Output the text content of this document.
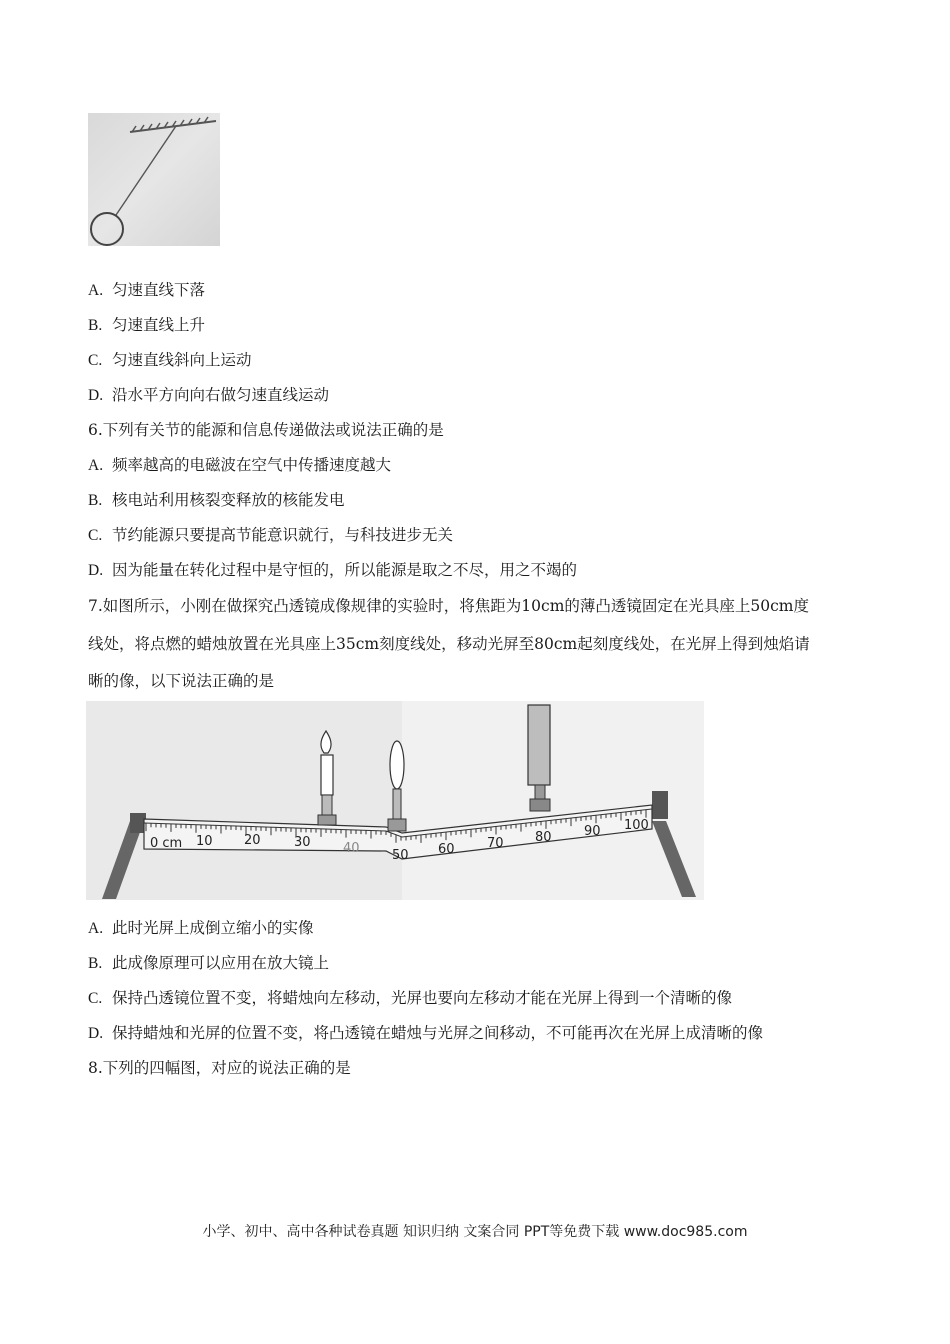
A. 匀速直线下落
B. 匀速直线上升
C. 匀速直线斜向上运动
D. 沿水平方向向右做匀速直线运动
6.下列有关节的能源和信息传递做法或说法正确的是
A. 频率越高的电磁波在空气中传播速度越大
B. 核电站利用核裂变释放的核能发电
C. 节约能源只要提高节能意识就行，与科技进步无关
D. 因为能量在转化过程中是守恒的，所以能源是取之不尽，用之不竭的
7.如图所示，小刚在做探究凸透镜成像规律的实验时，将焦距为10cm的薄凸透镜固定在光具座上50cm度
线处，将点燃的蜡烛放置在光具座上35cm刻度线处，移动光屏至80cm起刻度线处，在光屏上得到烛焰请
晰的像，以下说法正确的是
0 cm 10 20	30 40 50 60 70 80 90 100
A. 此时光屏上成倒立缩小的实像
B. 此成像原理可以应用在放大镜上
C. 保持凸透镜位置不变，将蜡烛向左移动，光屏也要向左移动才能在光屏上得到一个清晰的像
D. 保持蜡烛和光屏的位置不变，将凸透镜在蜡烛与光屏之间移动，不可能再次在光屏上成清晰的像
8.下列的四幅图，对应的说法正确的是
小学、初中、高中各种试卷真题 知识归纳 文案合同 PPT等免费下载 www.doc985.com
